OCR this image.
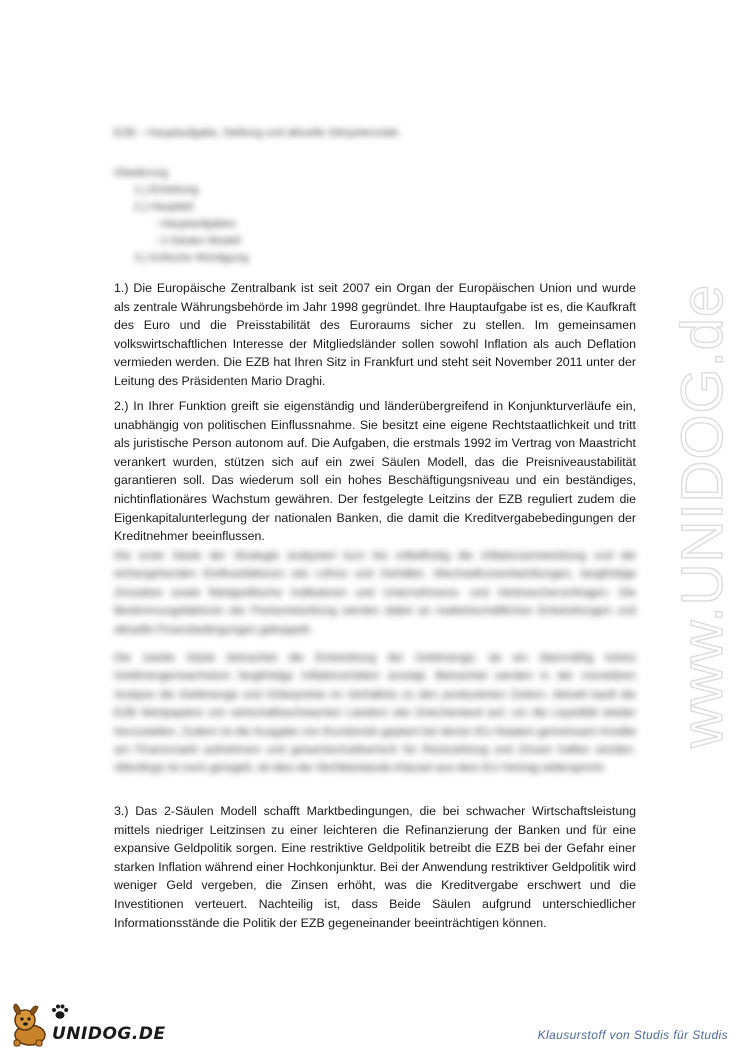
EZB – Hauptaufgabe, Stellung und aktuelle Störpotenziale
Gliederung
1.) Einleitung
2.) Hauptteil
- Hauptaufgaben
- 2-Säulen Modell
3.) Kritische Würdigung

1.) Die Europäische Zentralbank ist seit 2007 ein Organ der Europäischen Union und wurde als zentrale Währungsbehörde im Jahr 1998 gegründet. Ihre Hauptaufgabe ist es, die Kaufkraft des Euro und die Preisstabilität des Euroraums sicher zu stellen. Im gemeinsamen volkswirtschaftlichen Interesse der Mitgliedsländer sollen sowohl Inflation als auch Deflation vermieden werden. Die EZB hat Ihren Sitz in Frankfurt und steht seit November 2011 unter der Leitung des Präsidenten Mario Draghi.

2.) In Ihrer Funktion greift sie eigenständig und länderübergreifend in Konjunkturverläufe ein, unabhängig von politischen Einflussnahme. Sie besitzt eine eigene Rechtstaatlichkeit und tritt als juristische Person autonom auf. Die Aufgaben, die erstmals 1992 im Vertrag von Maastricht verankert wurden, stützen sich auf ein zwei Säulen Modell, das die Preisniveaustabilität garantieren soll. Das wiederum soll ein hohes Beschäftigungsniveau und ein beständiges, nichtinflationäres Wachstum gewähren. Der festgelegte Leitzins der EZB reguliert zudem die Eigenkapitalunterlegung der nationalen Banken, die damit die Kreditvergabebedingungen der Kreditnehmer beeinflussen.

Die erste Säule der Strategie analysiert kurz bis mittelfristig die Inflationsentwicklung und die einhergehenden Einflussfaktoren wie Löhne und Gehälter, Wechselkursentwicklungen, langfristige Zinssätze sowie fiskalpolitische Indikatoren und Unternehmens- und Verbraucherumfragen. Die Bestimmungsfaktoren der Preisentwicklung werden dabei an realwirtschaftlichen Entwicklungen und aktuelle Finanzbedingungen gekoppelt.

Die zweite Säule betrachtet die Entwicklung der Geldmenge, da ein übermäßig hohes Geldmengenwachstum langfristige Inflationsrisiken anzeigt. Betrachtet werden in der monetären Analyse die Geldmenge und Güterpreise im Verhältnis zu den produzierten Gütern. Aktuell kauft die EZB Wertpapiere von wirtschaftsschwachen Ländern wie Griechenland auf, um die Liquidität wieder herzustellen. Zudem ist die Ausgabe von Eurobonds geplant bei denen EU-Staaten gemeinsam Kredite am Finanzmarkt aufnehmen und gesamtschuldnerisch für Rückzahlung und Zinsen haften würden. Allerdings ist noch geregelt, ob dies der Nichtbeistands-Klausel aus dem EU-Vertrag widerspricht.

3.) Das 2-Säulen Modell schafft Marktbedingungen, die bei schwacher Wirtschaftsleistung mittels niedriger Leitzinsen zu einer leichteren die Refinanzierung der Banken und für eine expansive Geldpolitik sorgen. Eine restriktive Geldpolitik betreibt die EZB bei der Gefahr einer starken Inflation während einer Hochkonjunktur. Bei der Anwendung restriktiver Geldpolitik wird weniger Geld vergeben, die Zinsen erhöht, was die Kreditvergabe erschwert und die Investitionen verteuert. Nachteilig ist, dass Beide Säulen aufgrund unterschiedlicher Informationsstände die Politik der EZB gegeneinander beeinträchtigen können.

www.UNIDOG.de
UNIDOG.DE	Klausurstoff von Studis für Studis
